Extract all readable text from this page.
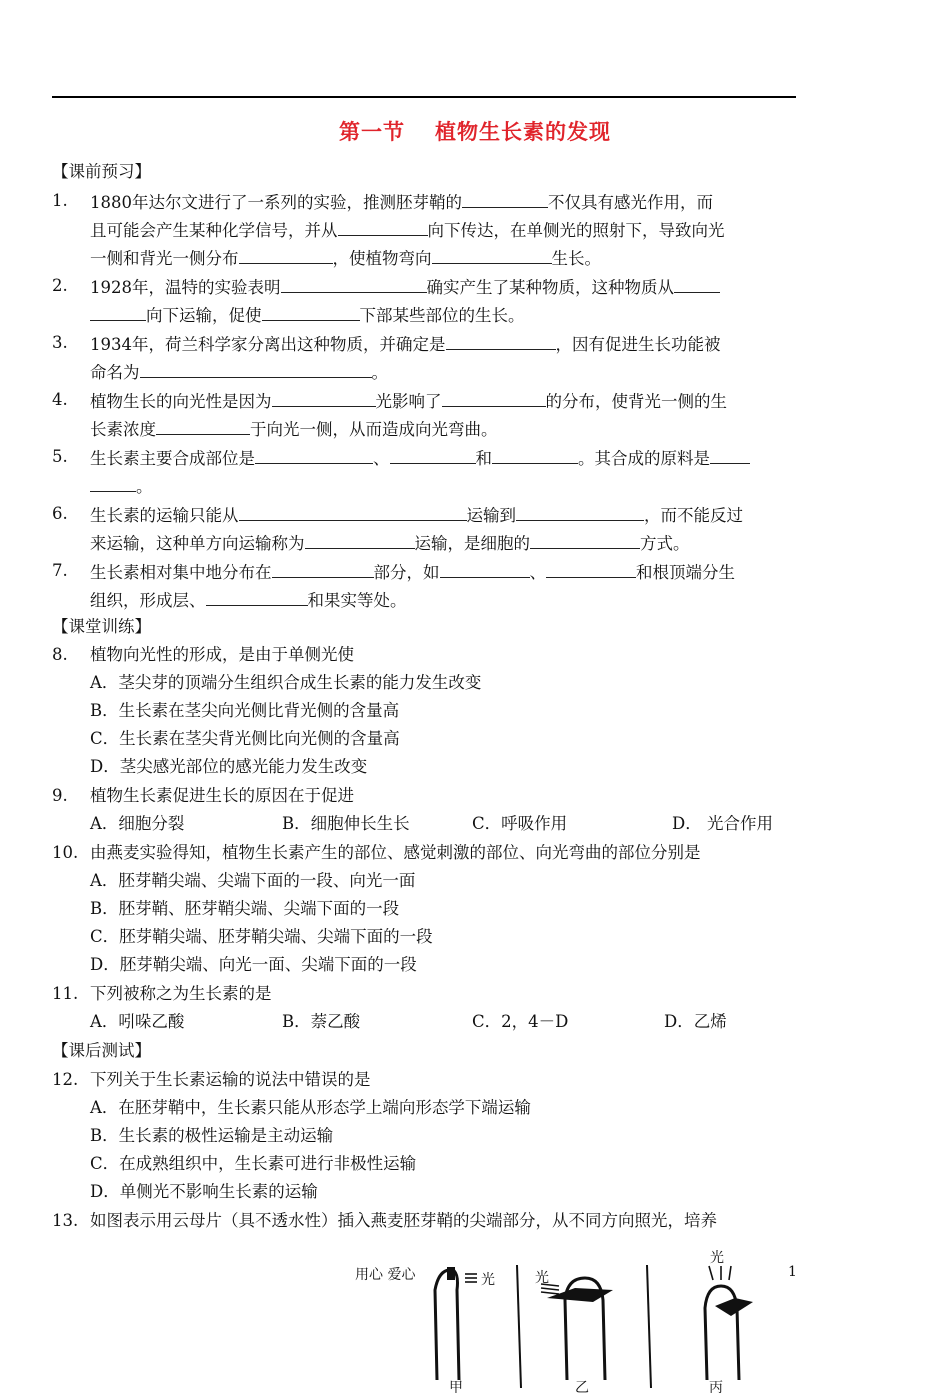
第一节 植物生长素的发现
【课前预习】
1. 1880年达尔文进行了一系列的实验，推测胚芽鞘的	不仅具有感光作用，而
且可能会产生某种化学信号，并从	向下传达，在单侧光的照射下，导致向光
一侧和背光一侧分布	，使植物弯向	生长。
2. 1928年，温特的实验表明	确实产生了某种物质，这种物质从
向下运输，促使	下部某些部位的生长。
3. 1934年，荷兰科学家分离出这种物质，并确定是	，因有促进生长功能被
命名为	。
4. 植物生长的向光性是因为	光影响了	的分布，使背光一侧的生
长素浓度	于向光一侧，从而造成向光弯曲。
5. 生长素主要合成部位是	、	和	。其合成的原料是
。
6. 生长素的运输只能从	运输到	，而不能反过
来运输，这种单方向运输称为	运输，是细胞的	方式。
7. 生长素相对集中地分布在	部分，如	、	和根顶端分生
组织，形成层、	和果实等处。
【课堂训练】
8. 植物向光性的形成，是由于单侧光使
A．茎尖芽的顶端分生组织合成生长素的能力发生改变
B．生长素在茎尖向光侧比背光侧的含量高
C．生长素在茎尖背光侧比向光侧的含量高
D．茎尖感光部位的感光能力发生改变
9. 植物生长素促进生长的原因在于促进
A．细胞分裂	B．细胞伸长生长	C．呼吸作用	D． 光合作用
10. 由燕麦实验得知，植物生长素产生的部位、感觉刺激的部位、向光弯曲的部位分别是
A．胚芽鞘尖端、尖端下面的一段、向光一面
B．胚芽鞘、胚芽鞘尖端、尖端下面的一段
C．胚芽鞘尖端、胚芽鞘尖端、尖端下面的一段
D．胚芽鞘尖端、向光一面、尖端下面的一段
11. 下列被称之为生长素的是
A．吲哚乙酸	B．萘乙酸	C．2，4－D	D．乙烯
【课后测试】
12. 下列关于生长素运输的说法中错误的是
A．在胚芽鞘中，生长素只能从形态学上端向形态学下端运输
B．生长素的极性运输是主动运输
C．在成熟组织中，生长素可进行非极性运输
D．单侧光不影响生长素的运输
13. 如图表示用云母片（具不透水性）插入燕麦胚芽鞘的尖端部分，从不同方向照光，培养
用心 爱心	1
光	光
光
甲	乙	丙
